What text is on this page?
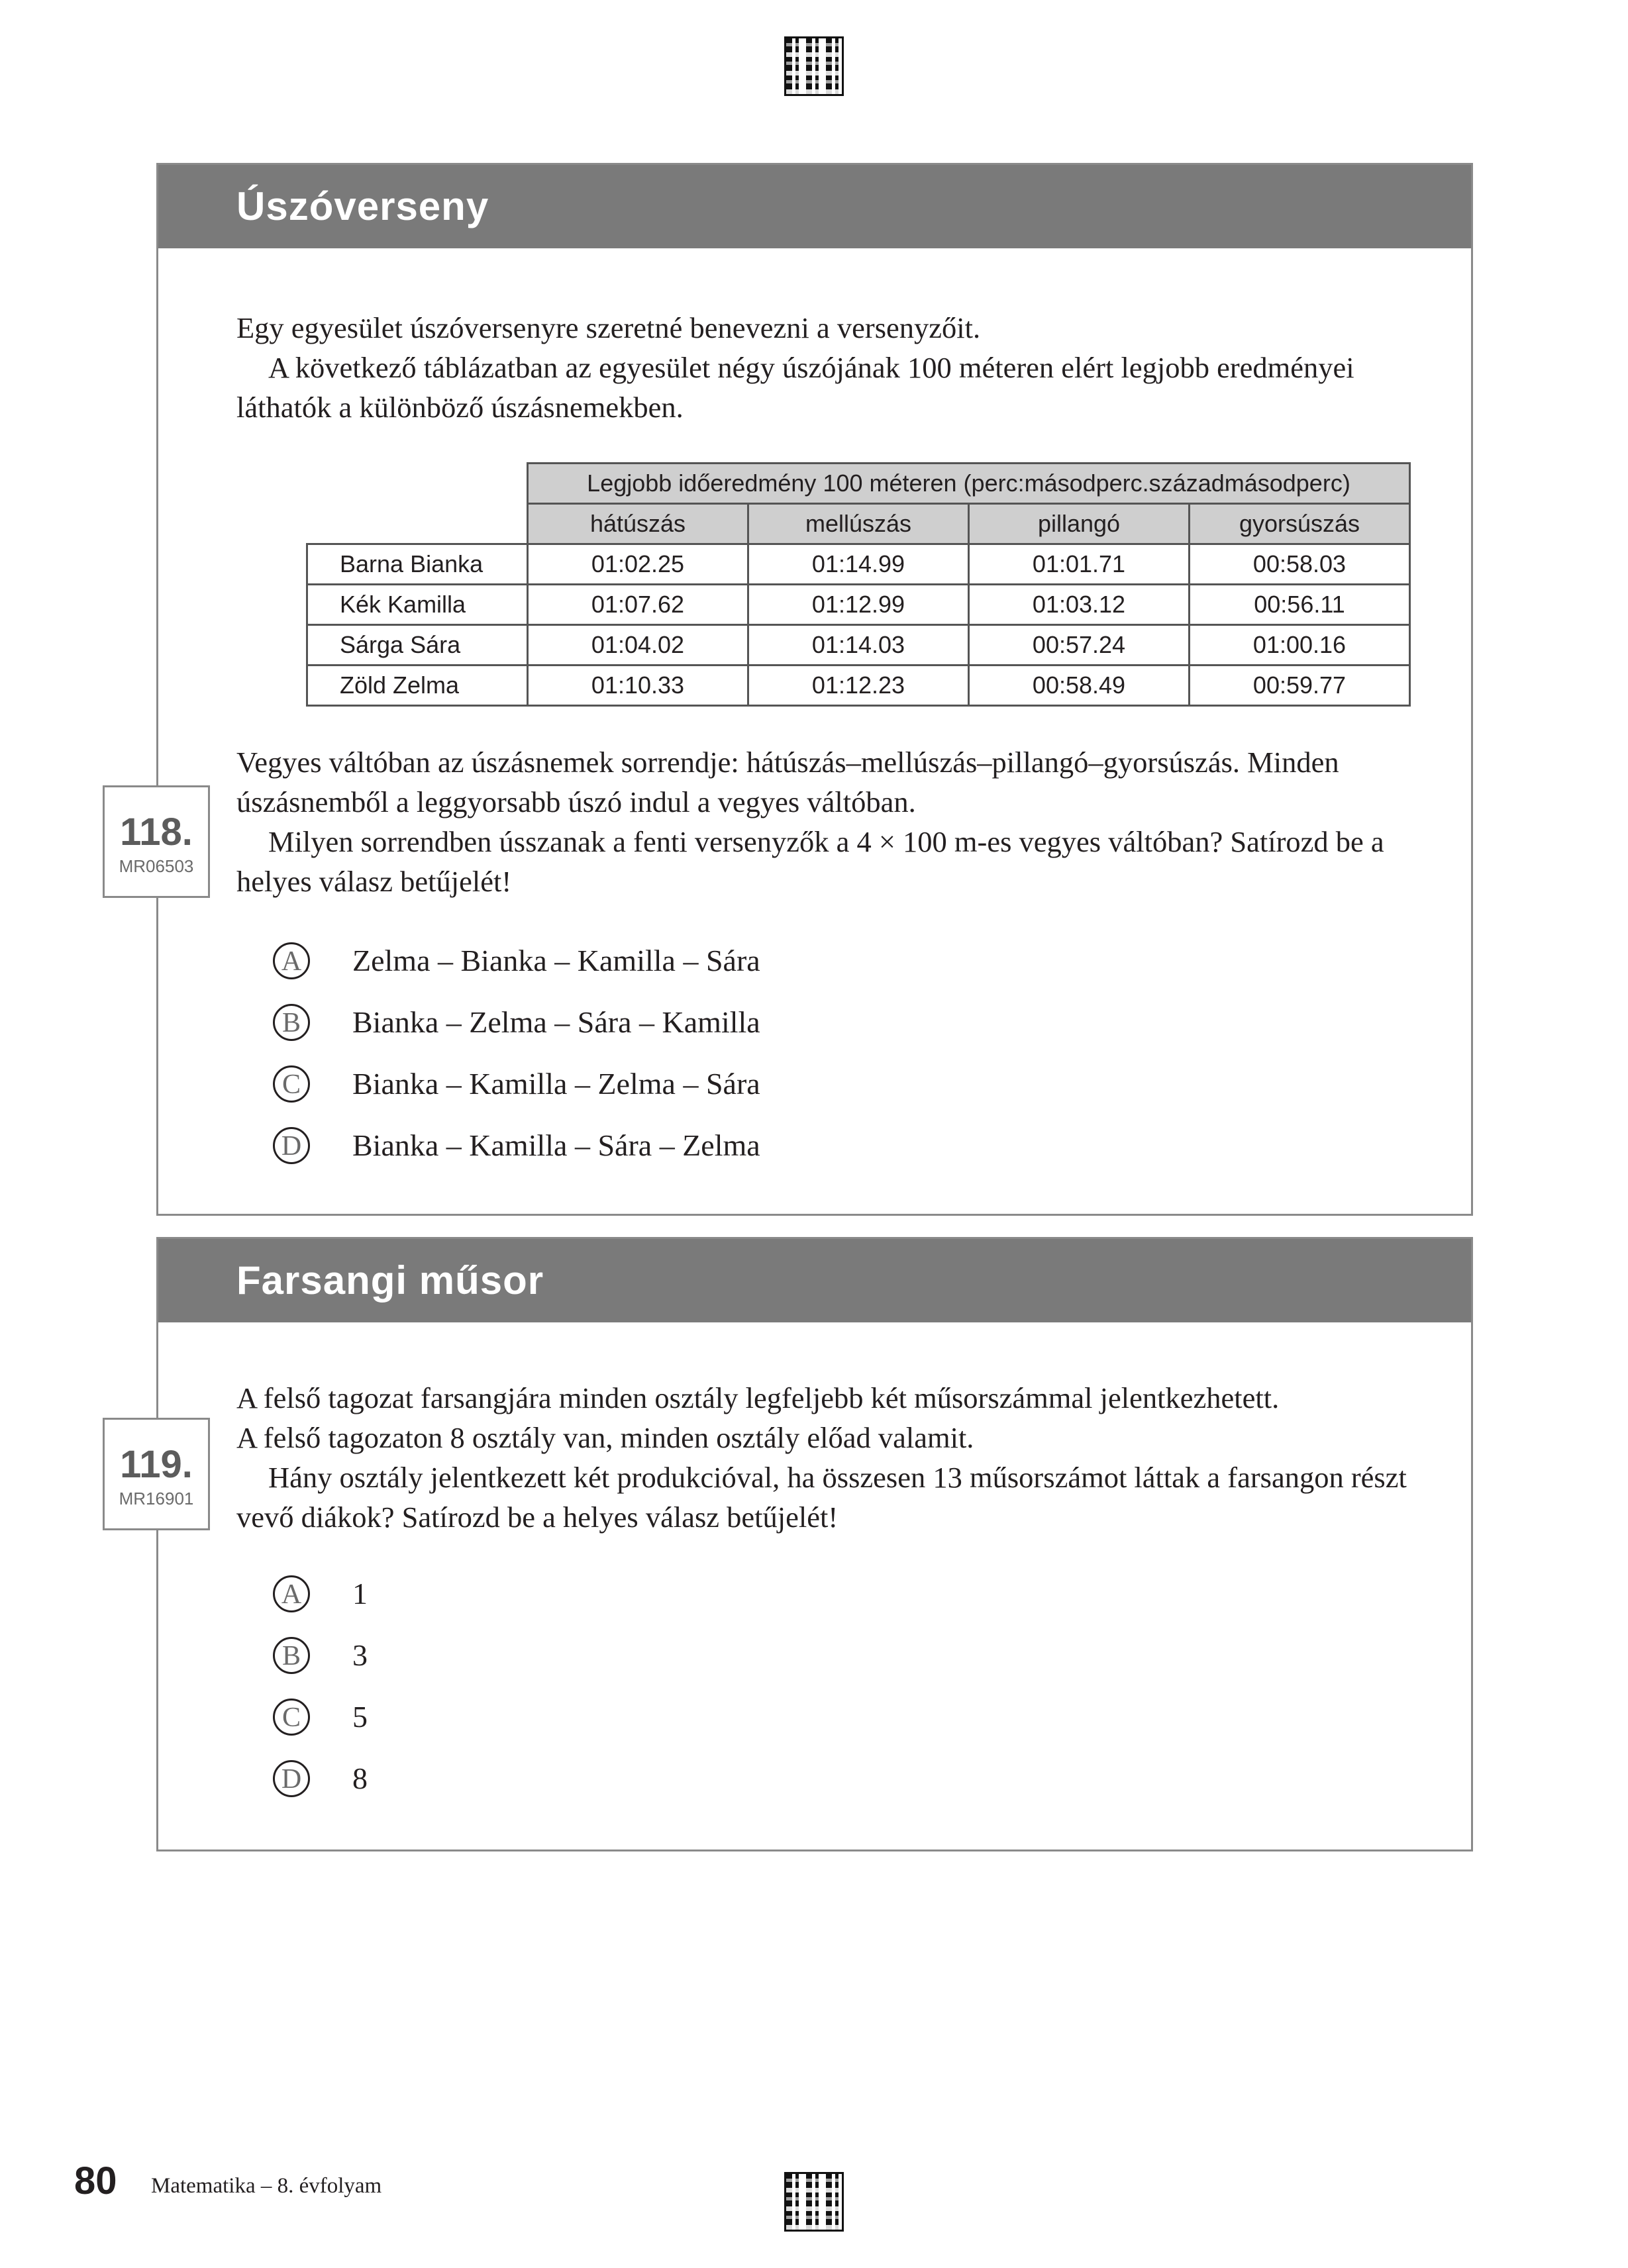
Úszóverseny

Egy egyesület úszóversenyre szeretné benevezni a versenyzőit.

A következő táblázatban az egyesület négy úszójának 100 méteren elért legjobb eredményei láthatók a különböző úszásnemekben.

	Legjobb időeredmény 100 méteren (perc:másodperc.századmásodperc)			
	hátúszás	mellúszás	pillangó	gyorsúszás
Barna Bianka	01:02.25	01:14.99	01:01.71	00:58.03
Kék Kamilla	01:07.62	01:12.99	01:03.12	00:56.11
Sárga Sára	01:04.02	01:14.03	00:57.24	01:00.16
Zöld Zelma	01:10.33	01:12.23	00:58.49	00:59.77

Vegyes váltóban az úszásnemek sorrendje: hátúszás–mellúszás–pillangó–gyorsúszás. Minden úszásnemből a leggyorsabb úszó indul a vegyes váltóban.

Milyen sorrendben ússzanak a fenti versenyzők a 4 × 100 m-es vegyes váltóban? Satírozd be a helyes válasz betűjelét!

118.
MR06503
A Zelma – Bianka – Kamilla – Sára
B	Bianka – Zelma – Sára – Kamilla
C	Bianka – Kamilla – Zelma – Sára
D Bianka – Kamilla – Sára – Zelma
Farsangi műsor

A felső tagozat farsangjára minden osztály legfeljebb két műsorszámmal jelentkezhetett.

A felső tagozaton 8 osztály van, minden osztály előad valamit.

Hány osztály jelentkezett két produkcióval, ha összesen 13 műsorszámot láttak a farsangon részt vevő diákok? Satírozd be a helyes válasz betűjelét!

119.
MR16901
A 1
B	3
C	5
D 8
80 Matematika – 8. évfolyam
